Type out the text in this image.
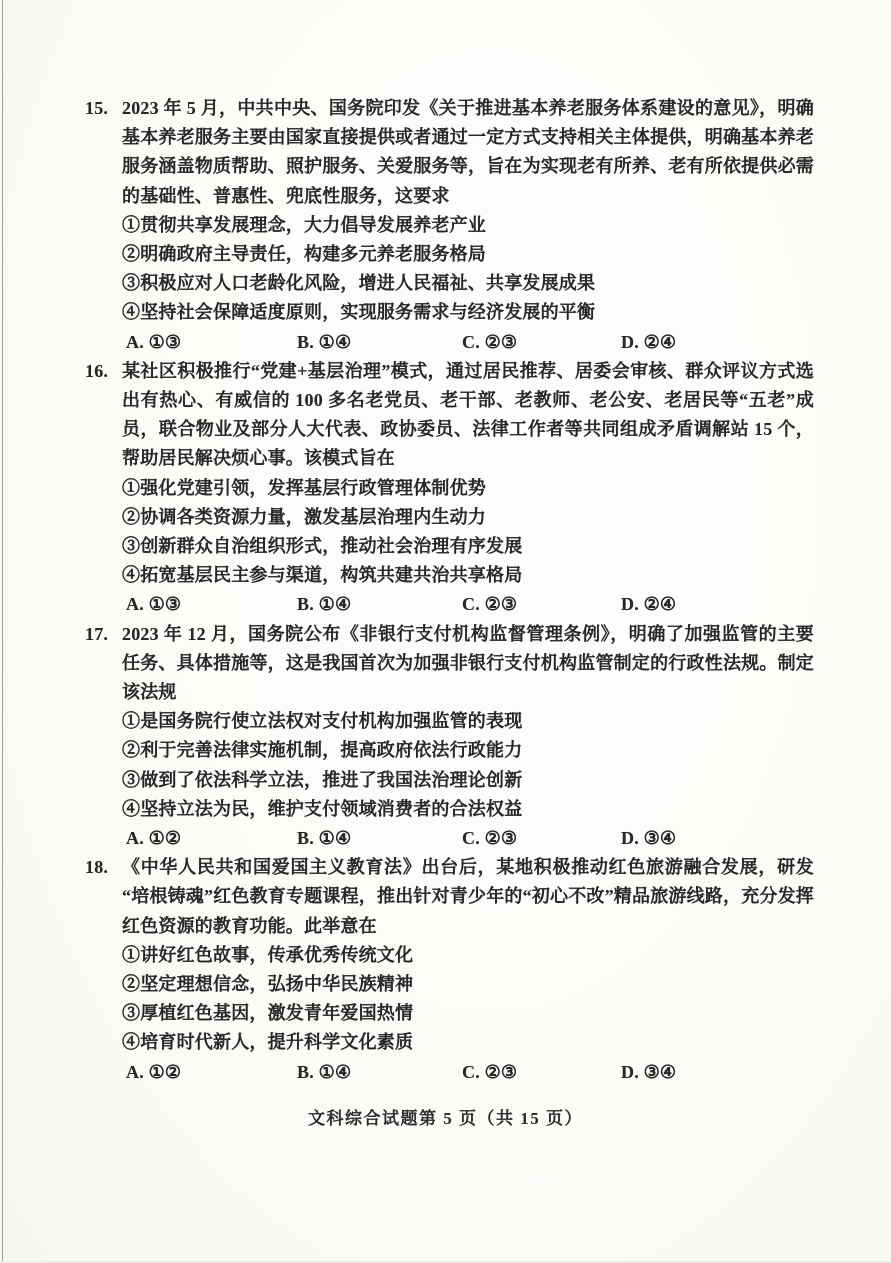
15. 2023 年 5 月，中共中央、国务院印发《关于推进基本养老服务体系建设的意见》，明确基本养老服务主要由国家直接提供或者通过一定方式支持相关主体提供，明确基本养老服务涵盖物质帮助、照护服务、关爱服务等，旨在为实现老有所养、老有所依提供必需的基础性、普惠性、兜底性服务，这要求

①贯彻共享发展理念，大力倡导发展养老产业

②明确政府主导责任，构建多元养老服务格局

③积极应对人口老龄化风险，增进人民福祉、共享发展成果

④坚持社会保障适度原则，实现服务需求与经济发展的平衡

A. ①③	B. ①④	C. ②③	D. ②④
16. 某社区积极推行“党建+基层治理”模式，通过居民推荐、居委会审核、群众评议方式选出有热心、有威信的 100 多名老党员、老干部、老教师、老公安、老居民等“五老”成员，联合物业及部分人大代表、政协委员、法律工作者等共同组成矛盾调解站 15 个，帮助居民解决烦心事。该模式旨在

①强化党建引领，发挥基层行政管理体制优势

②协调各类资源力量，激发基层治理内生动力

③创新群众自治组织形式，推动社会治理有序发展

④拓宽基层民主参与渠道，构筑共建共治共享格局

A. ①③	B. ①④	C. ②③	D. ②④
17. 2023 年 12 月，国务院公布《非银行支付机构监督管理条例》，明确了加强监管的主要任务、具体措施等，这是我国首次为加强非银行支付机构监管制定的行政性法规。制定该法规

①是国务院行使立法权对支付机构加强监管的表现

②利于完善法律实施机制，提高政府依法行政能力

③做到了依法科学立法，推进了我国法治理论创新

④坚持立法为民，维护支付领域消费者的合法权益

A. ①②	B. ①④	C. ②③	D. ③④
18. 《中华人民共和国爱国主义教育法》出台后，某地积极推动红色旅游融合发展，研发“培根铸魂”红色教育专题课程，推出针对青少年的“初心不改”精品旅游线路，充分发挥红色资源的教育功能。此举意在

①讲好红色故事，传承优秀传统文化

②坚定理想信念，弘扬中华民族精神

③厚植红色基因，激发青年爱国热情

④培育时代新人，提升科学文化素质

A. ①②	B. ①④	C. ②③	D. ③④
文科综合试题第 5 页（共 15 页）
